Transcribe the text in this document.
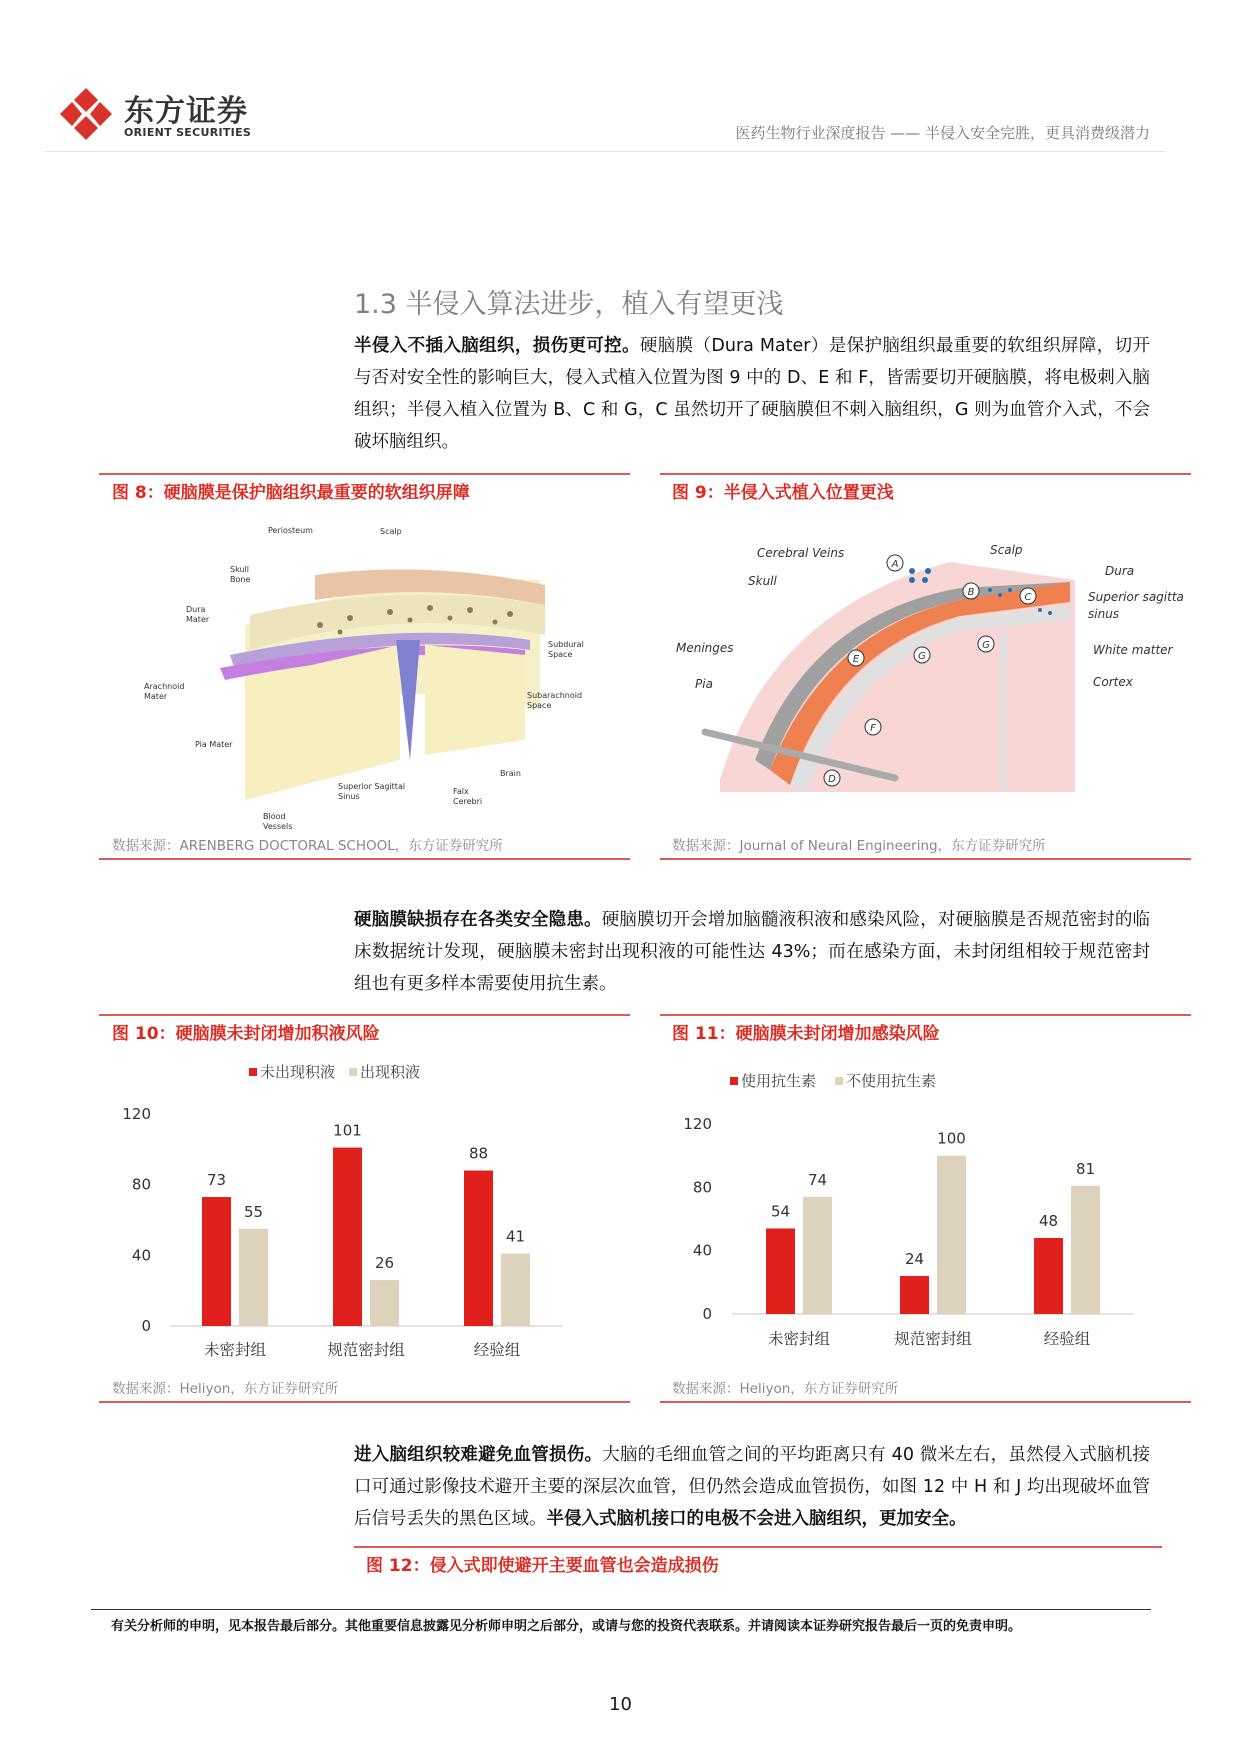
东方证券
ORIENT SECURITIES	医药生物行业深度报告 —— 半侵入安全完胜，更具消费级潜力
1.3 半侵入算法进步，植入有望更浅
半侵入不插入脑组织，损伤更可控。硬脑膜（Dura Mater）是保护脑组织最重要的软组织屏障，切开与否对安全性的影响巨大，侵入式植入位置为图 9 中的 D、E 和 F，皆需要切开硬脑膜，将电极刺入脑组织；半侵入植入位置为 B、C 和 G，C 虽然切开了硬脑膜但不刺入脑组织，G 则为血管介入式，不会破坏脑组织。
图 8：硬脑膜是保护脑组织最重要的软组织屏障
Periosteum	Scalp
Skull
Bone
Dura
Mater
Arachnoid
Mater
Pia Mater
Subdural
Space
Subarachnoid
Space
Brain
Superior Sagittal
Sinus
Falx
Cerebri
Blood
Vessels
数据来源：ARENBERG DOCTORAL SCHOOL，东方证券研究所
图 9：半侵入式植入位置更浅
A
B	C
D
E
F
G
G
Cerebral Veins	Scalp
Skull
Dura
Superior sagitta
sinus
Meninges
Pia
White matter
Cortex
数据来源：Journal of Neural Engineering，东方证券研究所
硬脑膜缺损存在各类安全隐患。硬脑膜切开会增加脑髓液积液和感染风险，对硬脑膜是否规范密封的临床数据统计发现，硬脑膜未密封出现积液的可能性达 43%；而在感染方面，未封闭组相较于规范密封组也有更多样本需要使用抗生素。
图 10：硬脑膜未封闭增加积液风险
未出现积液 出现积液
0
40
80
120
73
55
未密封组
101
26
规范密封组
88
41
经验组
数据来源：Heliyon，东方证券研究所
图 11：硬脑膜未封闭增加感染风险
使用抗生素 不使用抗生素
0
40
80
120
54
74
未密封组
24
100
规范密封组
48
81
经验组
数据来源：Heliyon，东方证券研究所
进入脑组织较难避免血管损伤。大脑的毛细血管之间的平均距离只有 40 微米左右，虽然侵入式脑机接口可通过影像技术避开主要的深层次血管，但仍然会造成血管损伤，如图 12 中 H 和 J 均出现破坏血管后信号丢失的黑色区域。半侵入式脑机接口的电极不会进入脑组织，更加安全。
图 12：侵入式即使避开主要血管也会造成损伤
有关分析师的申明，见本报告最后部分。其他重要信息披露见分析师申明之后部分，或请与您的投资代表联系。并请阅读本证券研究报告最后一页的免责申明。
10
